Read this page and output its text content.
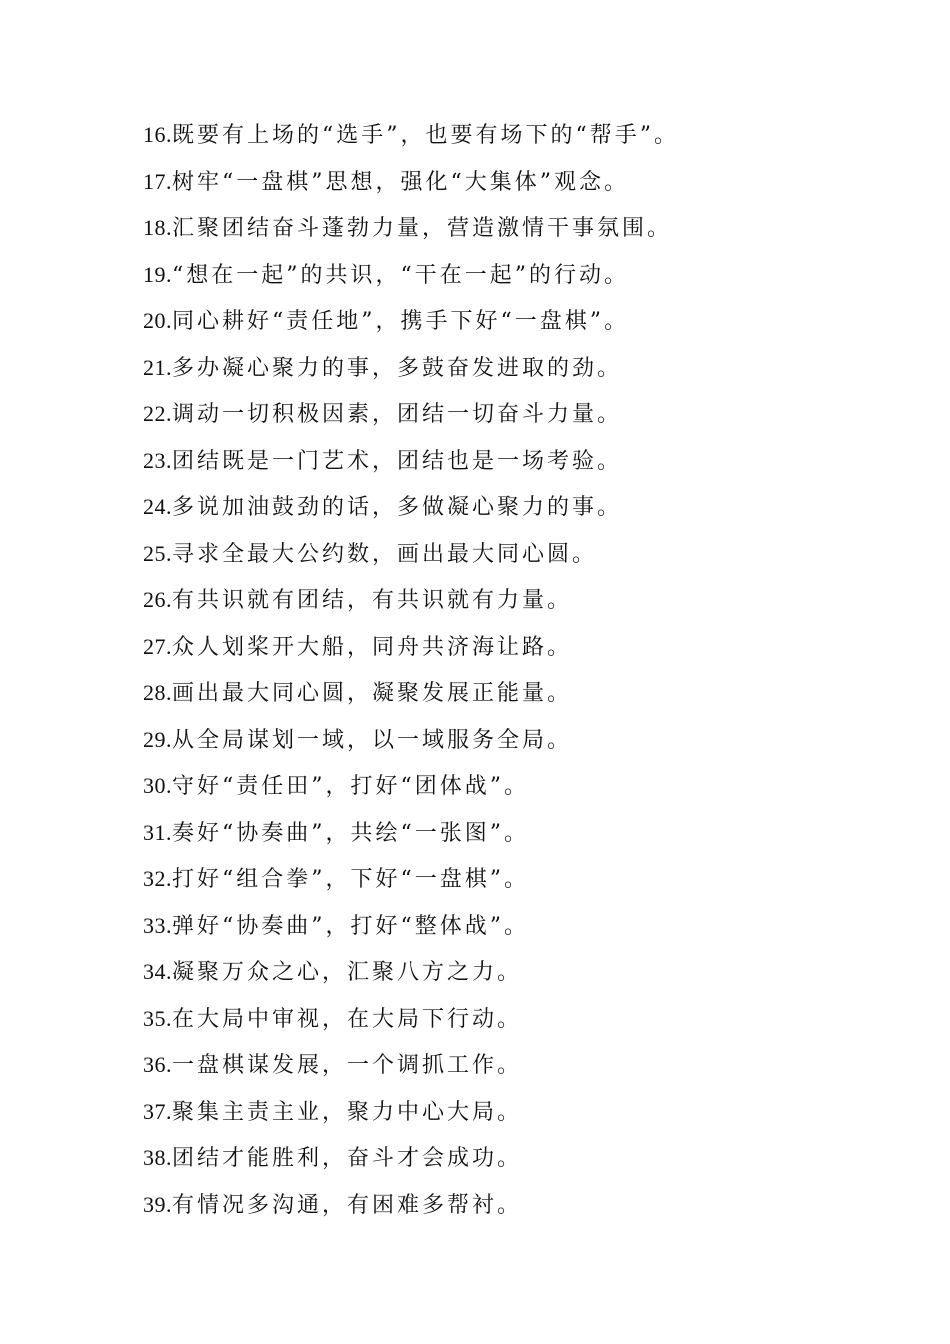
16.既要有上场的“选手”，也要有场下的“帮手”。
17.树牢“一盘棋”思想，强化“大集体”观念。
18.汇聚团结奋斗蓬勃力量，营造激情干事氛围。
19.“想在一起”的共识，“干在一起”的行动。
20.同心耕好“责任地”，携手下好“一盘棋”。
21.多办凝心聚力的事，多鼓奋发进取的劲。
22.调动一切积极因素，团结一切奋斗力量。
23.团结既是一门艺术，团结也是一场考验。
24.多说加油鼓劲的话，多做凝心聚力的事。
25.寻求全最大公约数，画出最大同心圆。
26.有共识就有团结，有共识就有力量。
27.众人划桨开大船，同舟共济海让路。
28.画出最大同心圆，凝聚发展正能量。
29.从全局谋划一域，以一域服务全局。
30.守好“责任田”，打好“团体战”。
31.奏好“协奏曲”，共绘“一张图”。
32.打好“组合拳”，下好“一盘棋”。
33.弹好“协奏曲”，打好“整体战”。
34.凝聚万众之心，汇聚八方之力。
35.在大局中审视，在大局下行动。
36.一盘棋谋发展，一个调抓工作。
37.聚集主责主业，聚力中心大局。
38.团结才能胜利，奋斗才会成功。
39.有情况多沟通，有困难多帮衬。
